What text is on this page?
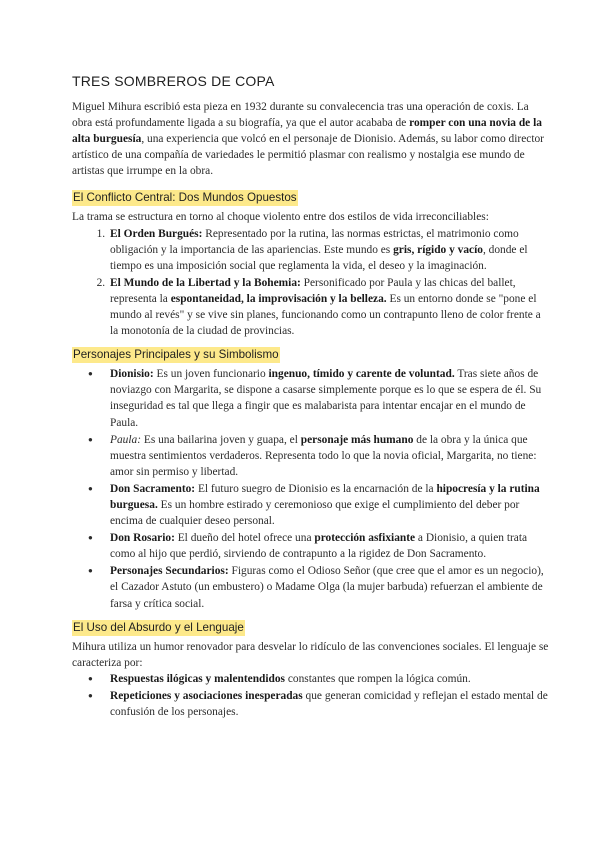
TRES SOMBREROS DE COPA

Miguel Mihura escribió esta pieza en 1932 durante su convalecencia tras una operación de coxis. La obra está profundamente ligada a su biografía, ya que el autor acababa de romper con una novia de la alta burguesía, una experiencia que volcó en el personaje de Dionisio. Además, su labor como director artístico de una compañía de variedades le permitió plasmar con realismo y nostalgia ese mundo de artistas que irrumpe en la obra.

El Conflicto Central: Dos Mundos Opuestos

La trama se estructura en torno al choque violento entre dos estilos de vida irreconciliables:

1. El Orden Burgués: Representado por la rutina, las normas estrictas, el matrimonio como obligación y la importancia de las apariencias. Este mundo es gris, rígido y vacío, donde el tiempo es una imposición social que reglamenta la vida, el deseo y la imaginación.
2. El Mundo de la Libertad y la Bohemia: Personificado por Paula y las chicas del ballet, representa la espontaneidad, la improvisación y la belleza. Es un entorno donde se "pone el mundo al revés" y se vive sin planes, funcionando como un contrapunto lleno de color frente a la monotonía de la ciudad de provincias.
Personajes Principales y su Simbolismo
● Dionisio: Es un joven funcionario ingenuo, tímido y carente de voluntad. Tras siete años de noviazgo con Margarita, se dispone a casarse simplemente porque es lo que se espera de él. Su inseguridad es tal que llega a fingir que es malabarista para intentar encajar en el mundo de Paula.
● Paula: Es una bailarina joven y guapa, el personaje más humano de la obra y la única que muestra sentimientos verdaderos. Representa todo lo que la novia oficial, Margarita, no tiene: amor sin permiso y libertad.
● Don Sacramento: El futuro suegro de Dionisio es la encarnación de la hipocresía y la rutina burguesa. Es un hombre estirado y ceremonioso que exige el cumplimiento del deber por encima de cualquier deseo personal.
● Don Rosario: El dueño del hotel ofrece una protección asfixiante a Dionisio, a quien trata como al hijo que perdió, sirviendo de contrapunto a la rigidez de Don Sacramento.
● Personajes Secundarios: Figuras como el Odioso Señor (que cree que el amor es un negocio), el Cazador Astuto (un embustero) o Madame Olga (la mujer barbuda) refuerzan el ambiente de farsa y crítica social.
El Uso del Absurdo y el Lenguaje

Mihura utiliza un humor renovador para desvelar lo ridículo de las convenciones sociales. El lenguaje se caracteriza por:

● Respuestas ilógicas y malentendidos constantes que rompen la lógica común.
● Repeticiones y asociaciones inesperadas que generan comicidad y reflejan el estado mental de confusión de los personajes.
